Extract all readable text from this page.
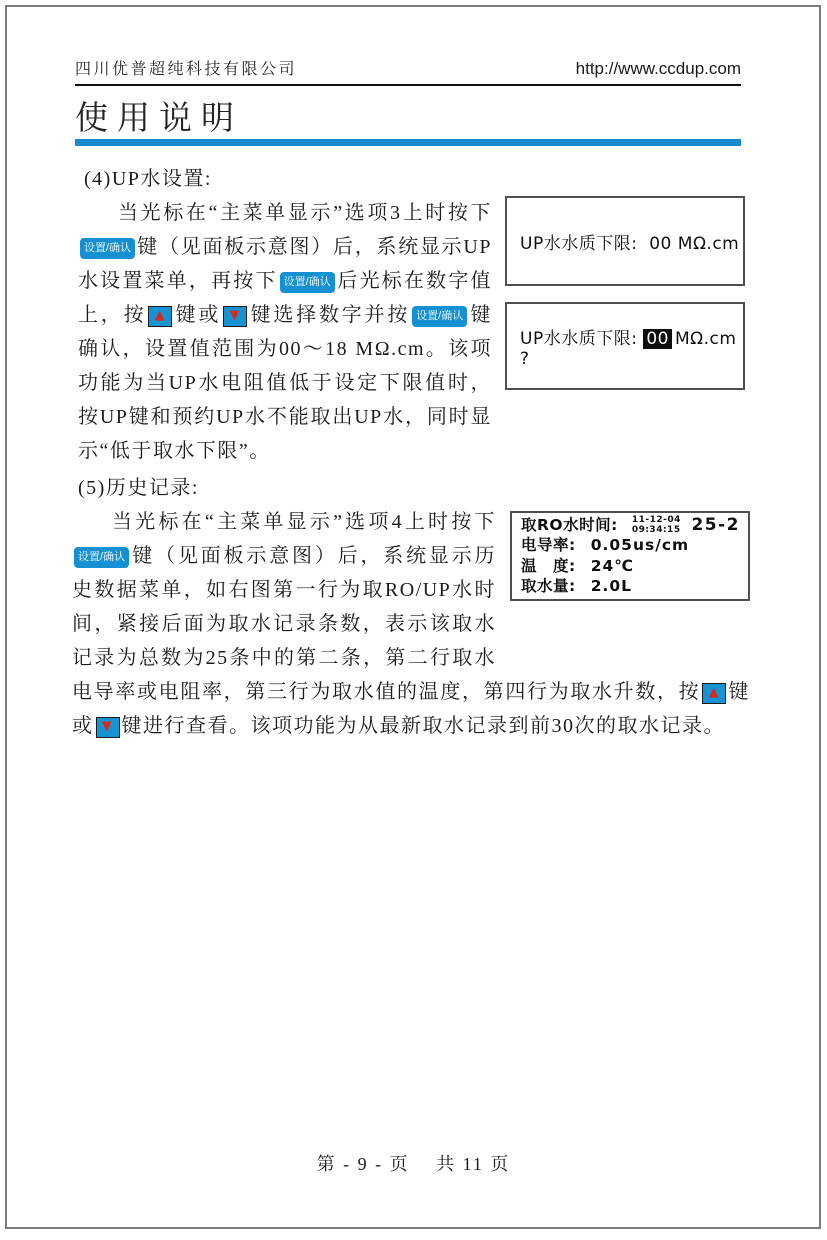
四川优普超纯科技有限公司	http://www.ccdup.com
使用说明
(4)UP水设置:
当光标在“主菜单显示”选项3上时按下设置/确认 键（见面板示意图）后，系统显示UP水设置菜单，再按下 设置/确认 后光标在数字值上，按 ▲ 键或 ▼ 键选择数字并按 设置/确认 键确认，设置值范围为00～18 MΩ.cm。该项功能为当UP水电阻值低于设定下限值时，按UP键和预约UP水不能取出UP水，同时显示“低于取水下限”。
UP水水质下限: 00 MΩ.cm
UP水水质下限: 00 MΩ.cm ?
(5)历史记录:
取RO水时间: 11-12-04
09:34:15 25-2
电导率: 0.05us/cm
温　度: 24℃
取水量: 2.0L
当光标在“主菜单显示”选项4上时按下设置/确认 键（见面板示意图）后，系统显示历史数据菜单，如右图第一行为取RO/UP水时间，紧接后面为取水记录条数，表示该取水记录为总数为25条中的第二条，第二行取水电导率或电阻率，第三行为取水值的温度，第四行为取水升数，按 ▲ 键或 ▼ 键进行查看。该项功能为从最新取水记录到前30次的取水记录。
第 - 9 - 页　 共 11 页
